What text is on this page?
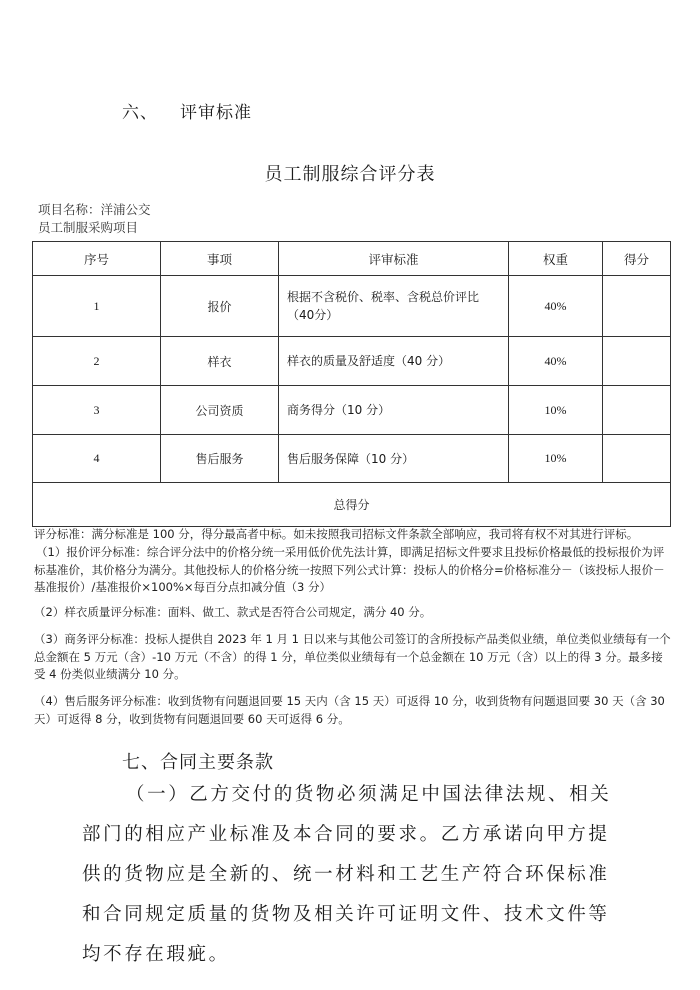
六、 评审标准
员工制服综合评分表
项目名称：洋浦公交
员工制服采购项目
序号	事项	评审标准	权重	得分
1	报价	根据不含税价、税率、含税总价评比（40分）	40%	
2	样衣	样衣的质量及舒适度（40 分）	40%	
3	公司资质	商务得分（10 分）	10%	
4	售后服务	售后服务保障（10 分）	10%	
总得分				
评分标准：满分标准是 100 分，得分最高者中标。如未按照我司招标文件条款全部响应，我司将有权不对其进行评标。
（1）报价评分标准：综合评分法中的价格分统一采用低价优先法计算，即满足招标文件要求且投标价格最低的投标报价为评标基准价，其价格分为满分。其他投标人的价格分统一按照下列公式计算：投标人的价格分=价格标准分－（该投标人报价－基准报价）/基准报价×100%×每百分点扣减分值（3 分）
（2）样衣质量评分标准：面料、做工、款式是否符合公司规定，满分 40 分。
（3）商务评分标准：投标人提供自 2023 年 1 月 1 日以来与其他公司签订的含所投标产品类似业绩，单位类似业绩每有一个总金额在 5 万元（含）-10 万元（不含）的得 1 分，单位类似业绩每有一个总金额在 10 万元（含）以上的得 3 分。最多接受 4 份类似业绩满分 10 分。
（4）售后服务评分标准：收到货物有问题退回要 15 天内（含 15 天）可返得 10 分，收到货物有问题退回要 30 天（含 30 天）可返得 8 分，收到货物有问题退回要 60 天可返得 6 分。
七、合同主要条款
（一）乙方交付的货物必须满足中国法律法规、相关部门的相应产业标准及本合同的要求。乙方承诺向甲方提供的货物应是全新的、统一材料和工艺生产符合环保标准和合同规定质量的货物及相关许可证明文件、技术文件等均不存在瑕疵。
